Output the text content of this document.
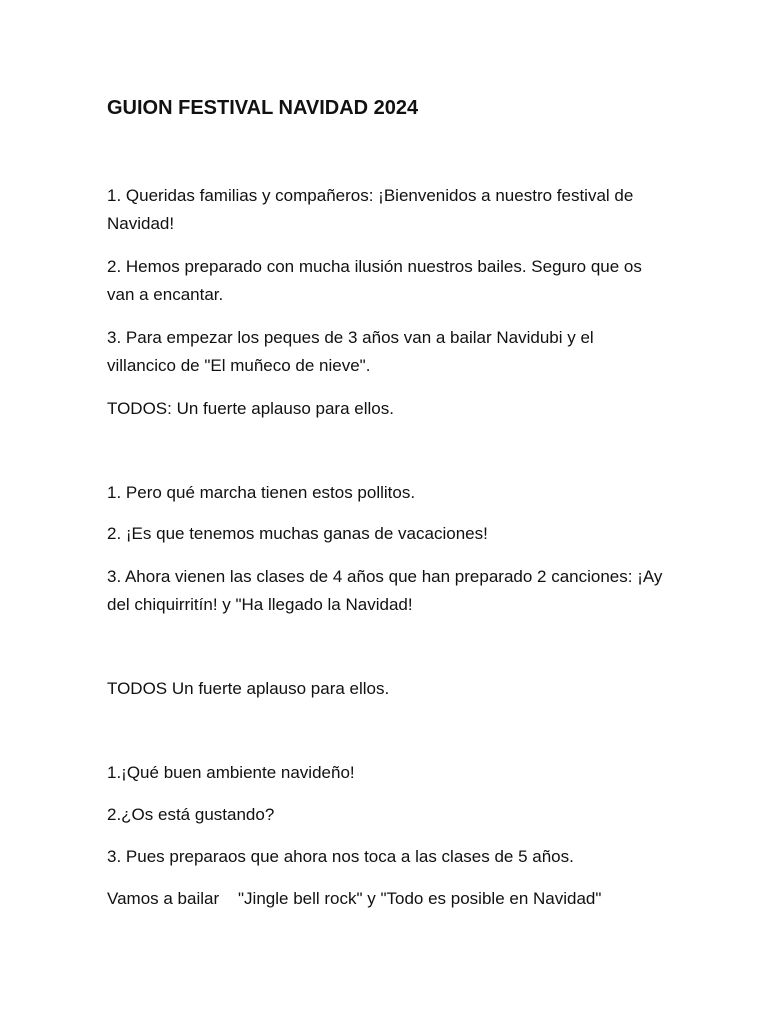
GUION FESTIVAL NAVIDAD 2024

1. Queridas familias y compañeros: ¡Bienvenidos a nuestro festival de Navidad!

2. Hemos preparado con mucha ilusión nuestros bailes. Seguro que os van a encantar.

3. Para empezar los peques de 3 años van a bailar Navidubi y el villancico de "El muñeco de nieve".

TODOS: Un fuerte aplauso para ellos.

1. Pero qué marcha tienen estos pollitos.

2. ¡Es que tenemos muchas ganas de vacaciones!

3. Ahora vienen las clases de 4 años que han preparado 2 canciones: ¡Ay del chiquirritín! y "Ha llegado la Navidad!

TODOS Un fuerte aplauso para ellos.

1.¡Qué buen ambiente navideño!

2.¿Os está gustando?

3. Pues preparaos que ahora nos toca a las clases de 5 años.

Vamos a bailar    "Jingle bell rock" y "Todo es posible en Navidad"
